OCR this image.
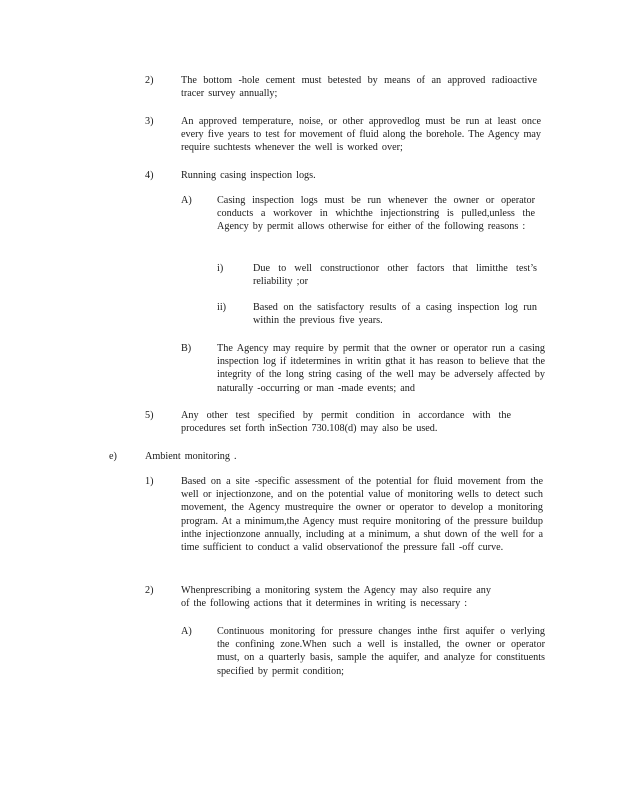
2)	The bottom -hole cement must betested by means of an approved radioactive tracer survey annually;
3)	An approved temperature, noise, or other approvedlog must be run at least once every five years to test for movement of fluid along the borehole. The Agency may require suchtests whenever the well is worked over;
4)	Running casing inspection logs.
A) Casing inspection logs must be run whenever the owner or operator conducts a workover in whichthe injectionstring is pulled,unless the Agency by permit allows otherwise for either of the following reasons :
i)	Due to well constructionor other factors that limitthe test’s reliability ;or
ii)	Based on the satisfactory results of a casing inspection log run within the previous five years.
B)	The Agency may require by permit that the owner or operator run a casing inspection log if itdetermines in writin gthat it has reason to believe that the integrity of the long string casing of the well may be adversely affected by naturally -occurring or man -made events; and
5)	Any other test specified by permit condition in accordance with the procedures set forth inSection 730.108(d) may also be used.
e)	Ambient monitoring .
1)	Based on a site -specific assessment of the potential for fluid movement from the well or injectionzone, and on the potential value of monitoring wells to detect such movement, the Agency mustrequire the owner or operator to develop a monitoring program. At a minimum,the Agency must require monitoring of the pressure buildup inthe injectionzone annually, including at a minimum, a shut down of the well for a time sufficient to conduct a valid observationof the pressure fall -off curve.
2)	Whenprescribing a monitoring system the Agency may also require any of the following actions that it determines in writing is necessary :
A) Continuous monitoring for pressure changes inthe first aquifer o verlying the confining zone.When such a well is installed, the owner or operator must, on a quarterly basis, sample the aquifer, and analyze for constituents specified by permit condition;
